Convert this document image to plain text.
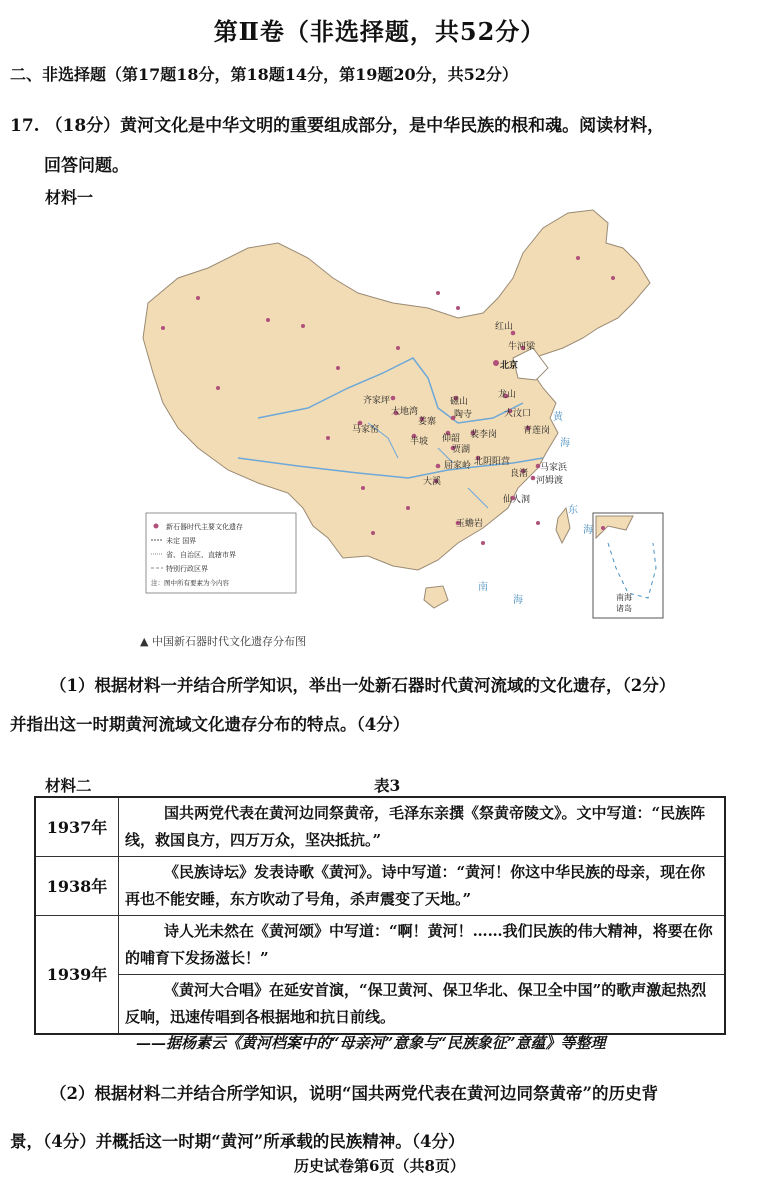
第Ⅱ卷（非选择题，共52分）
二、非选择题（第17题18分，第18题14分，第19题20分，共52分）
17. （18分）黄河文化是中华文明的重要组成部分，是中华民族的根和魂。阅读材料，
回答问题。
材料一
新石器时代主要文化遗存
未定 国界
省、自治区、直辖市界
特别行政区界
注：图中所有要素为今内容
南海
诸岛
黄
海
东
海
南
海
红山
牛河梁
北京
齐家坪
大地湾
磁山
龙山
大汶口
马家窑
姜寨
陶寺
半坡 仰韶 裴李岗	青莲岗
贾湖
北阴阳营
屈家岭	马家浜
大溪
良渚
河姆渡
仙人洞
玉蟾岩
▲ 中国新石器时代文化遗存分布图
（1）根据材料一并结合所学知识，举出一处新石器时代黄河流域的文化遗存，（2分）
并指出这一时期黄河流域文化遗存分布的特点。（4分）
材料二	表3
1937年	国共两党代表在黄河边同祭黄帝，毛泽东亲撰《祭黄帝陵文》。文中写道：“民族阵线，救国良方，四万万众，坚决抵抗。”
1938年	《民族诗坛》发表诗歌《黄河》。诗中写道：“黄河！你这中华民族的母亲，现在你再也不能安睡，东方吹动了号角，杀声震变了天地。”
1939年	诗人光未然在《黄河颂》中写道：“啊！黄河！……我们民族的伟大精神，将要在你的哺育下发扬滋长！”
	《黄河大合唱》在延安首演，“保卫黄河、保卫华北、保卫全中国”的歌声激起热烈反响，迅速传唱到各根据地和抗日前线。
——据杨素云《黄河档案中的“母亲河”意象与“民族象征”意蕴》等整理
（2）根据材料二并结合所学知识，说明“国共两党代表在黄河边同祭黄帝”的历史背
景，（4分）并概括这一时期“黄河”所承载的民族精神。（4分）
历史试卷第6页（共8页）
